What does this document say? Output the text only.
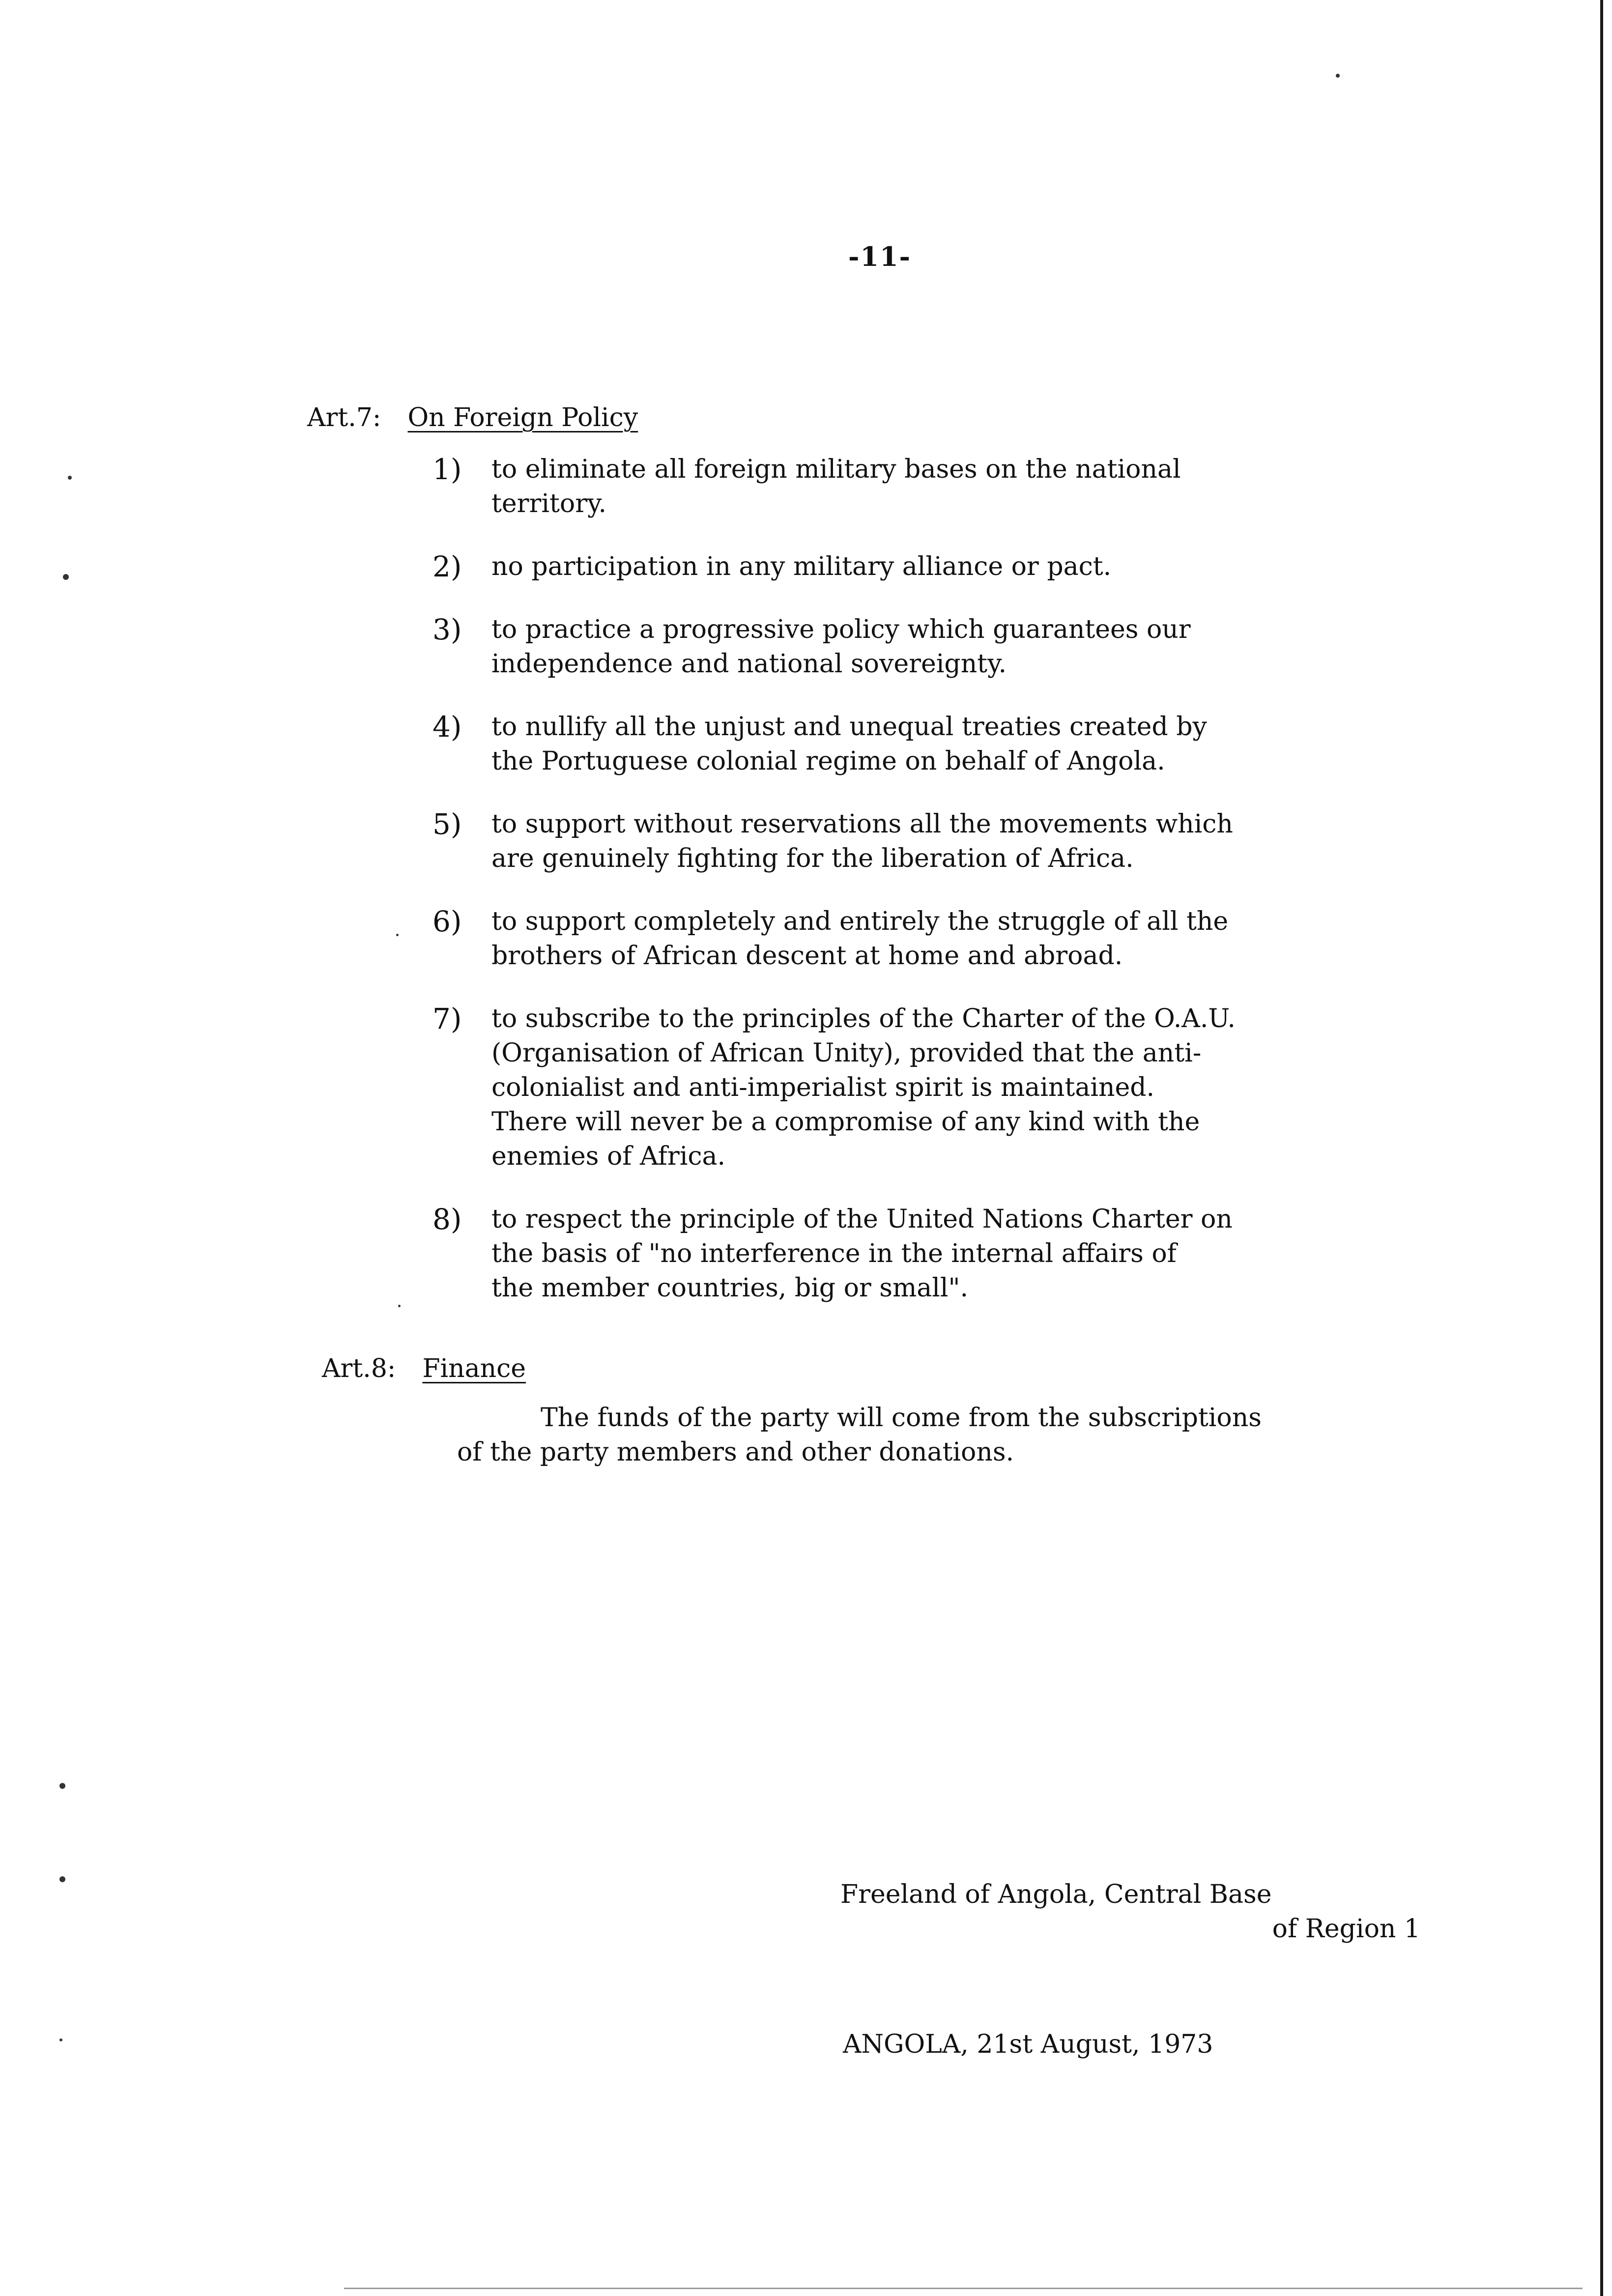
-11-
Art.7: On Foreign Policy
1)	to eliminate all foreign military bases on the national
territory.
2)	no participation in any military alliance or pact.
3)	to practice a progressive policy which guarantees our
independence and national sovereignty.
4)	to nullify all the unjust and unequal treaties created by
the Portuguese colonial regime on behalf of Angola.
5)	to support without reservations all the movements which
are genuinely fighting for the liberation of Africa.
6)	to support completely and entirely the struggle of all the
brothers of African descent at home and abroad.
7)	to subscribe to the principles of the Charter of the O.A.U.
(Organisation of African Unity), provided that the anti-
colonialist and anti-imperialist spirit is maintained.
There will never be a compromise of any kind with the
enemies of Africa.
8)	to respect the principle of the United Nations Charter on
the basis of "no interference in the internal affairs of
the member countries, big or small".
Art.8: Finance
The funds of the party will come from the subscriptions
of the party members and other donations.

Freeland of Angola, Central Base

of Region 1

ANGOLA, 21st August, 1973
